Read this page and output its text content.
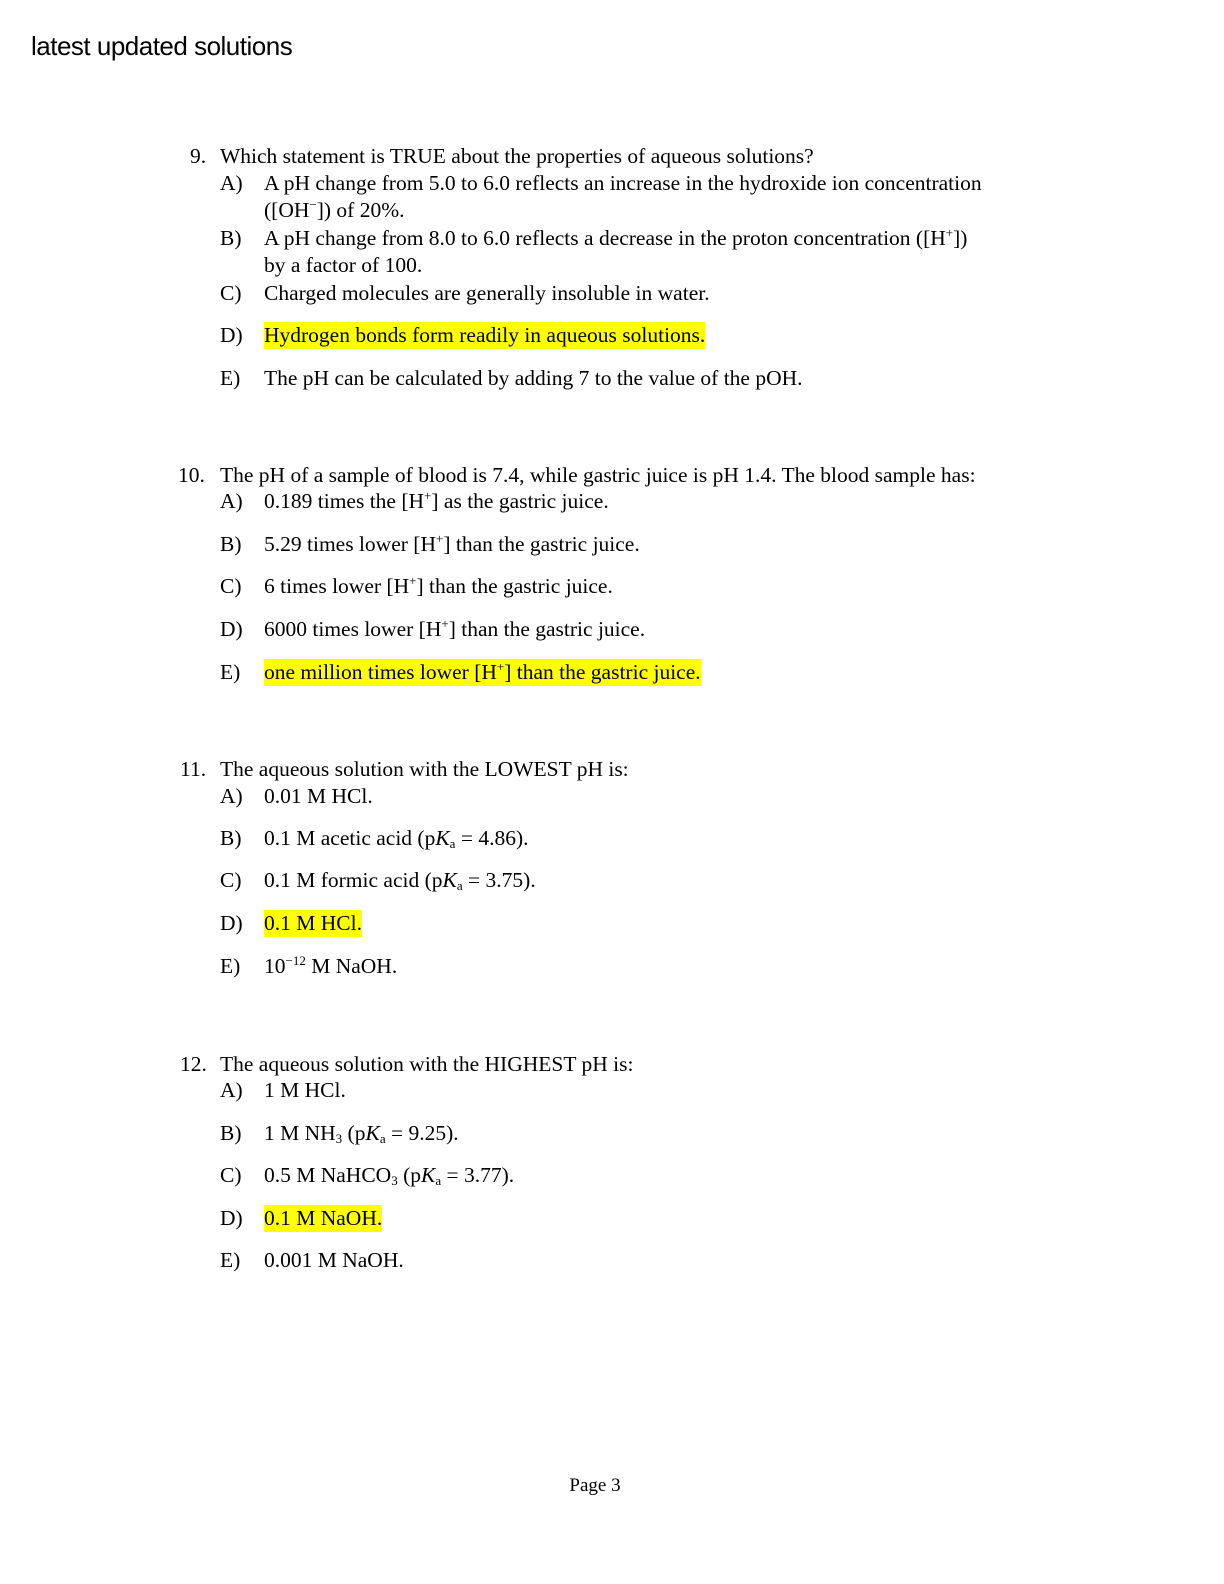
latest updated solutions
9. Which statement is TRUE about the properties of aqueous solutions?
A) A pH change from 5.0 to 6.0 reflects an increase in the hydroxide ion concentration
([OH−]) of 20%.
B)	A pH change from 8.0 to 6.0 reflects a decrease in the proton concentration ([H+])
by a factor of 100.
C)	Charged molecules are generally insoluble in water.
D) Hydrogen bonds form readily in aqueous solutions.
E)	The pH can be calculated by adding 7 to the value of the pOH.
10. The pH of a sample of blood is 7.4, while gastric juice is pH 1.4. The blood sample has:
A) 0.189 times the [H+] as the gastric juice.
B)	5.29 times lower [H+] than the gastric juice.
C)	6 times lower [H+] than the gastric juice.
D) 6000 times lower [H+] than the gastric juice.
E)	one million times lower [H+] than the gastric juice.
11. The aqueous solution with the LOWEST pH is:
A) 0.01 M HCl.
B)	0.1 M acetic acid $(pK_a = 4.86)$.
C)	0.1 M formic acid $(pK_a = 3.75)$.
D) 0.1 M HCl.
E)	$10^{-12}$ M NaOH.
12. The aqueous solution with the HIGHEST pH is:
A) 1 M HCl.
B)	1 M $NH_3$ $(pK_a = 9.25)$.
C)	0.5 M NaHCO$_3$ $(pK_a = 3.77)$.
D) 0.1 M NaOH.
E)	0.001 M NaOH.
Page 3
